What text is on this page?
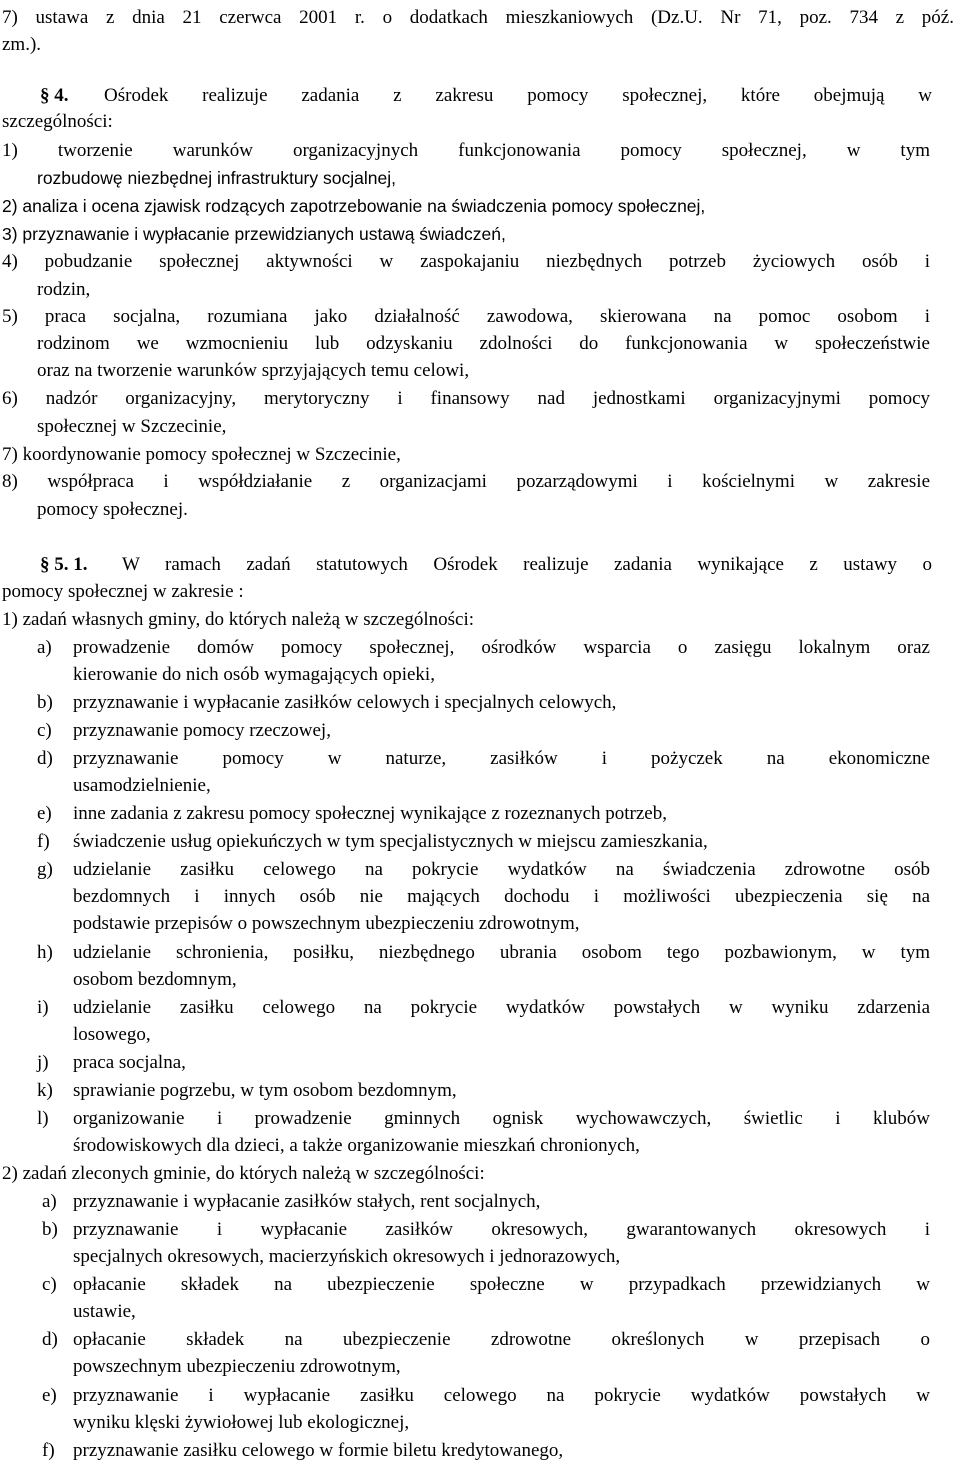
7) ustawa z dnia 21 czerwca 2001 r. o dodatkach mieszkaniowych (Dz.U. Nr 71, poz. 734 z póź.
zm.).
§ 4. Ośrodek realizuje zadania z zakresu pomocy społecznej, które obejmują w
szczególności:
1) tworzenie warunków organizacyjnych funkcjonowania pomocy społecznej, w tym
rozbudowę niezbędnej infrastruktury socjalnej,
2) analiza i ocena zjawisk rodzących zapotrzebowanie na świadczenia pomocy społecznej,
3) przyznawanie i wypłacanie przewidzianych ustawą świadczeń,
4) pobudzanie społecznej aktywności w zaspokajaniu niezbędnych potrzeb życiowych osób i
rodzin,
5) praca socjalna, rozumiana jako działalność zawodowa, skierowana na pomoc osobom i
rodzinom we wzmocnieniu lub odzyskaniu zdolności do funkcjonowania w społeczeństwie
oraz na tworzenie warunków sprzyjających temu celowi,
6) nadzór organizacyjny, merytoryczny i finansowy nad jednostkami organizacyjnymi pomocy
społecznej w Szczecinie,
7) koordynowanie pomocy społecznej w Szczecinie,
8) współpraca i współdziałanie z organizacjami pozarządowymi i kościelnymi w zakresie
pomocy społecznej.
§ 5. 1. W ramach zadań statutowych Ośrodek realizuje zadania wynikające z ustawy o
pomocy społecznej w zakresie :
1) zadań własnych gminy, do których należą w szczególności:
a) prowadzenie domów pomocy społecznej, ośrodków wsparcia o zasięgu lokalnym oraz
kierowanie do nich osób wymagających opieki,
b) przyznawanie i wypłacanie zasiłków celowych i specjalnych celowych,
c) przyznawanie pomocy rzeczowej,
d) przyznawanie pomocy w naturze, zasiłków i pożyczek na ekonomiczne
usamodzielnienie,
e) inne zadania z zakresu pomocy społecznej wynikające z rozeznanych potrzeb,
f) świadczenie usług opiekuńczych w tym specjalistycznych w miejscu zamieszkania,
g) udzielanie zasiłku celowego na pokrycie wydatków na świadczenia zdrowotne osób
bezdomnych i innych osób nie mających dochodu i możliwości ubezpieczenia się na
podstawie przepisów o powszechnym ubezpieczeniu zdrowotnym,
h) udzielanie schronienia, posiłku, niezbędnego ubrania osobom tego pozbawionym, w tym
osobom bezdomnym,
i) udzielanie zasiłku celowego na pokrycie wydatków powstałych w wyniku zdarzenia
losowego,
j) praca socjalna,
k) sprawianie pogrzebu, w tym osobom bezdomnym,
l) organizowanie i prowadzenie gminnych ognisk wychowawczych, świetlic i klubów
środowiskowych dla dzieci, a także organizowanie mieszkań chronionych,
2) zadań zleconych gminie, do których należą w szczególności:
a) przyznawanie i wypłacanie zasiłków stałych, rent socjalnych,
b) przyznawanie i wypłacanie zasiłków okresowych, gwarantowanych okresowych i
specjalnych okresowych, macierzyńskich okresowych i jednorazowych,
c) opłacanie składek na ubezpieczenie społeczne w przypadkach przewidzianych w
ustawie,
d) opłacanie składek na ubezpieczenie zdrowotne określonych w przepisach o
powszechnym ubezpieczeniu zdrowotnym,
e) przyznawanie i wypłacanie zasiłku celowego na pokrycie wydatków powstałych w
wyniku klęski żywiołowej lub ekologicznej,
f) przyznawanie zasiłku celowego w formie biletu kredytowanego,
